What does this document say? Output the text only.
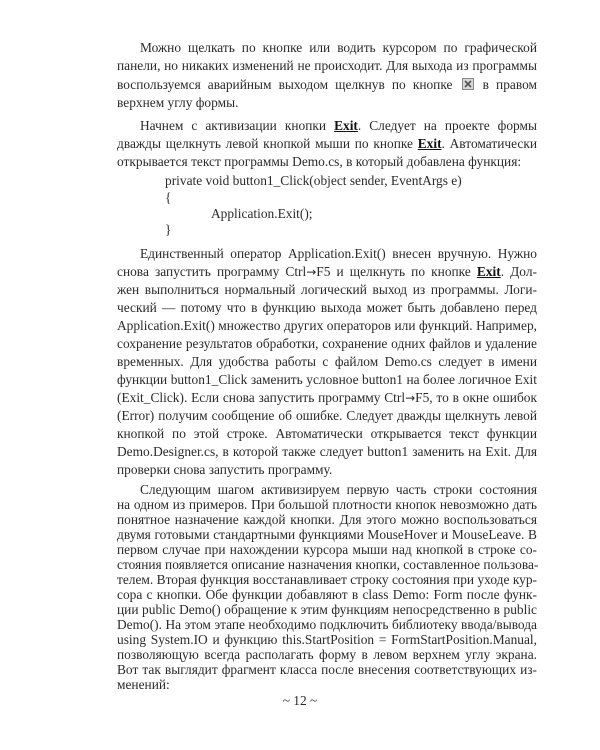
Можно щелкать по кнопке или водить курсором по графической
панели, но никаких изменений не происходит. Для выхода из программы
воспользуемся аварийным выходом щелкнув по кнопке в правом
верхнем углу формы.
Начнем с активизации кнопки Exit. Следует на проекте формы
дважды щелкнуть левой кнопкой мыши по кнопке Exit. Автоматически
открывается текст программы Demo.cs, в который добавлена функция:
private void button1_Click(object sender, EventArgs e)
{
Application.Exit();
}
Единственный оператор Application.Exit() внесен вручную. Нужно
снова запустить программу Ctrl→F5 и щелкнуть по кнопке Exit. Дол-
жен выполниться нормальный логический выход из программы. Логи-
ческий — потому что в функцию выхода может быть добавлено перед
Application.Exit() множество других операторов или функций. Например,
сохранение результатов обработки, сохранение одних файлов и удаление
временных. Для удобства работы с файлом Demo.cs следует в имени
функции button1_Click заменить условное button1 на более логичное Exit
(Exit_Click). Если снова запустить программу Ctrl→F5, то в окне ошибок
(Error) получим сообщение об ошибке. Следует дважды щелкнуть левой
кнопкой по этой строке. Автоматически открывается текст функции
Demo.Designer.cs, в которой также следует button1 заменить на Exit. Для
проверки снова запустить программу.
Следующим шагом активизируем первую часть строки состояния
на одном из примеров. При большой плотности кнопок невозможно дать
понятное назначение каждой кнопки. Для этого можно воспользоваться
двумя готовыми стандартными функциями MouseHover и MouseLeave. В
первом случае при нахождении курсора мыши над кнопкой в строке со-
стояния появляется описание назначения кнопки, составленное пользова-
телем. Вторая функция восстанавливает строку состояния при уходе кур-
сора с кнопки. Обе функции добавляют в class Demo: Form после функ-
ции public Demo() обращение к этим функциям непосредственно в public
Demo(). На этом этапе необходимо подключить библиотеку ввода/вывода
using System.IO и функцию this.StartPosition = FormStartPosition.Manual,
позволяющую всегда располагать форму в левом верхнем углу экрана.
Вот так выглядит фрагмент класса после внесения соответствующих из-
менений:
~ 12 ~
